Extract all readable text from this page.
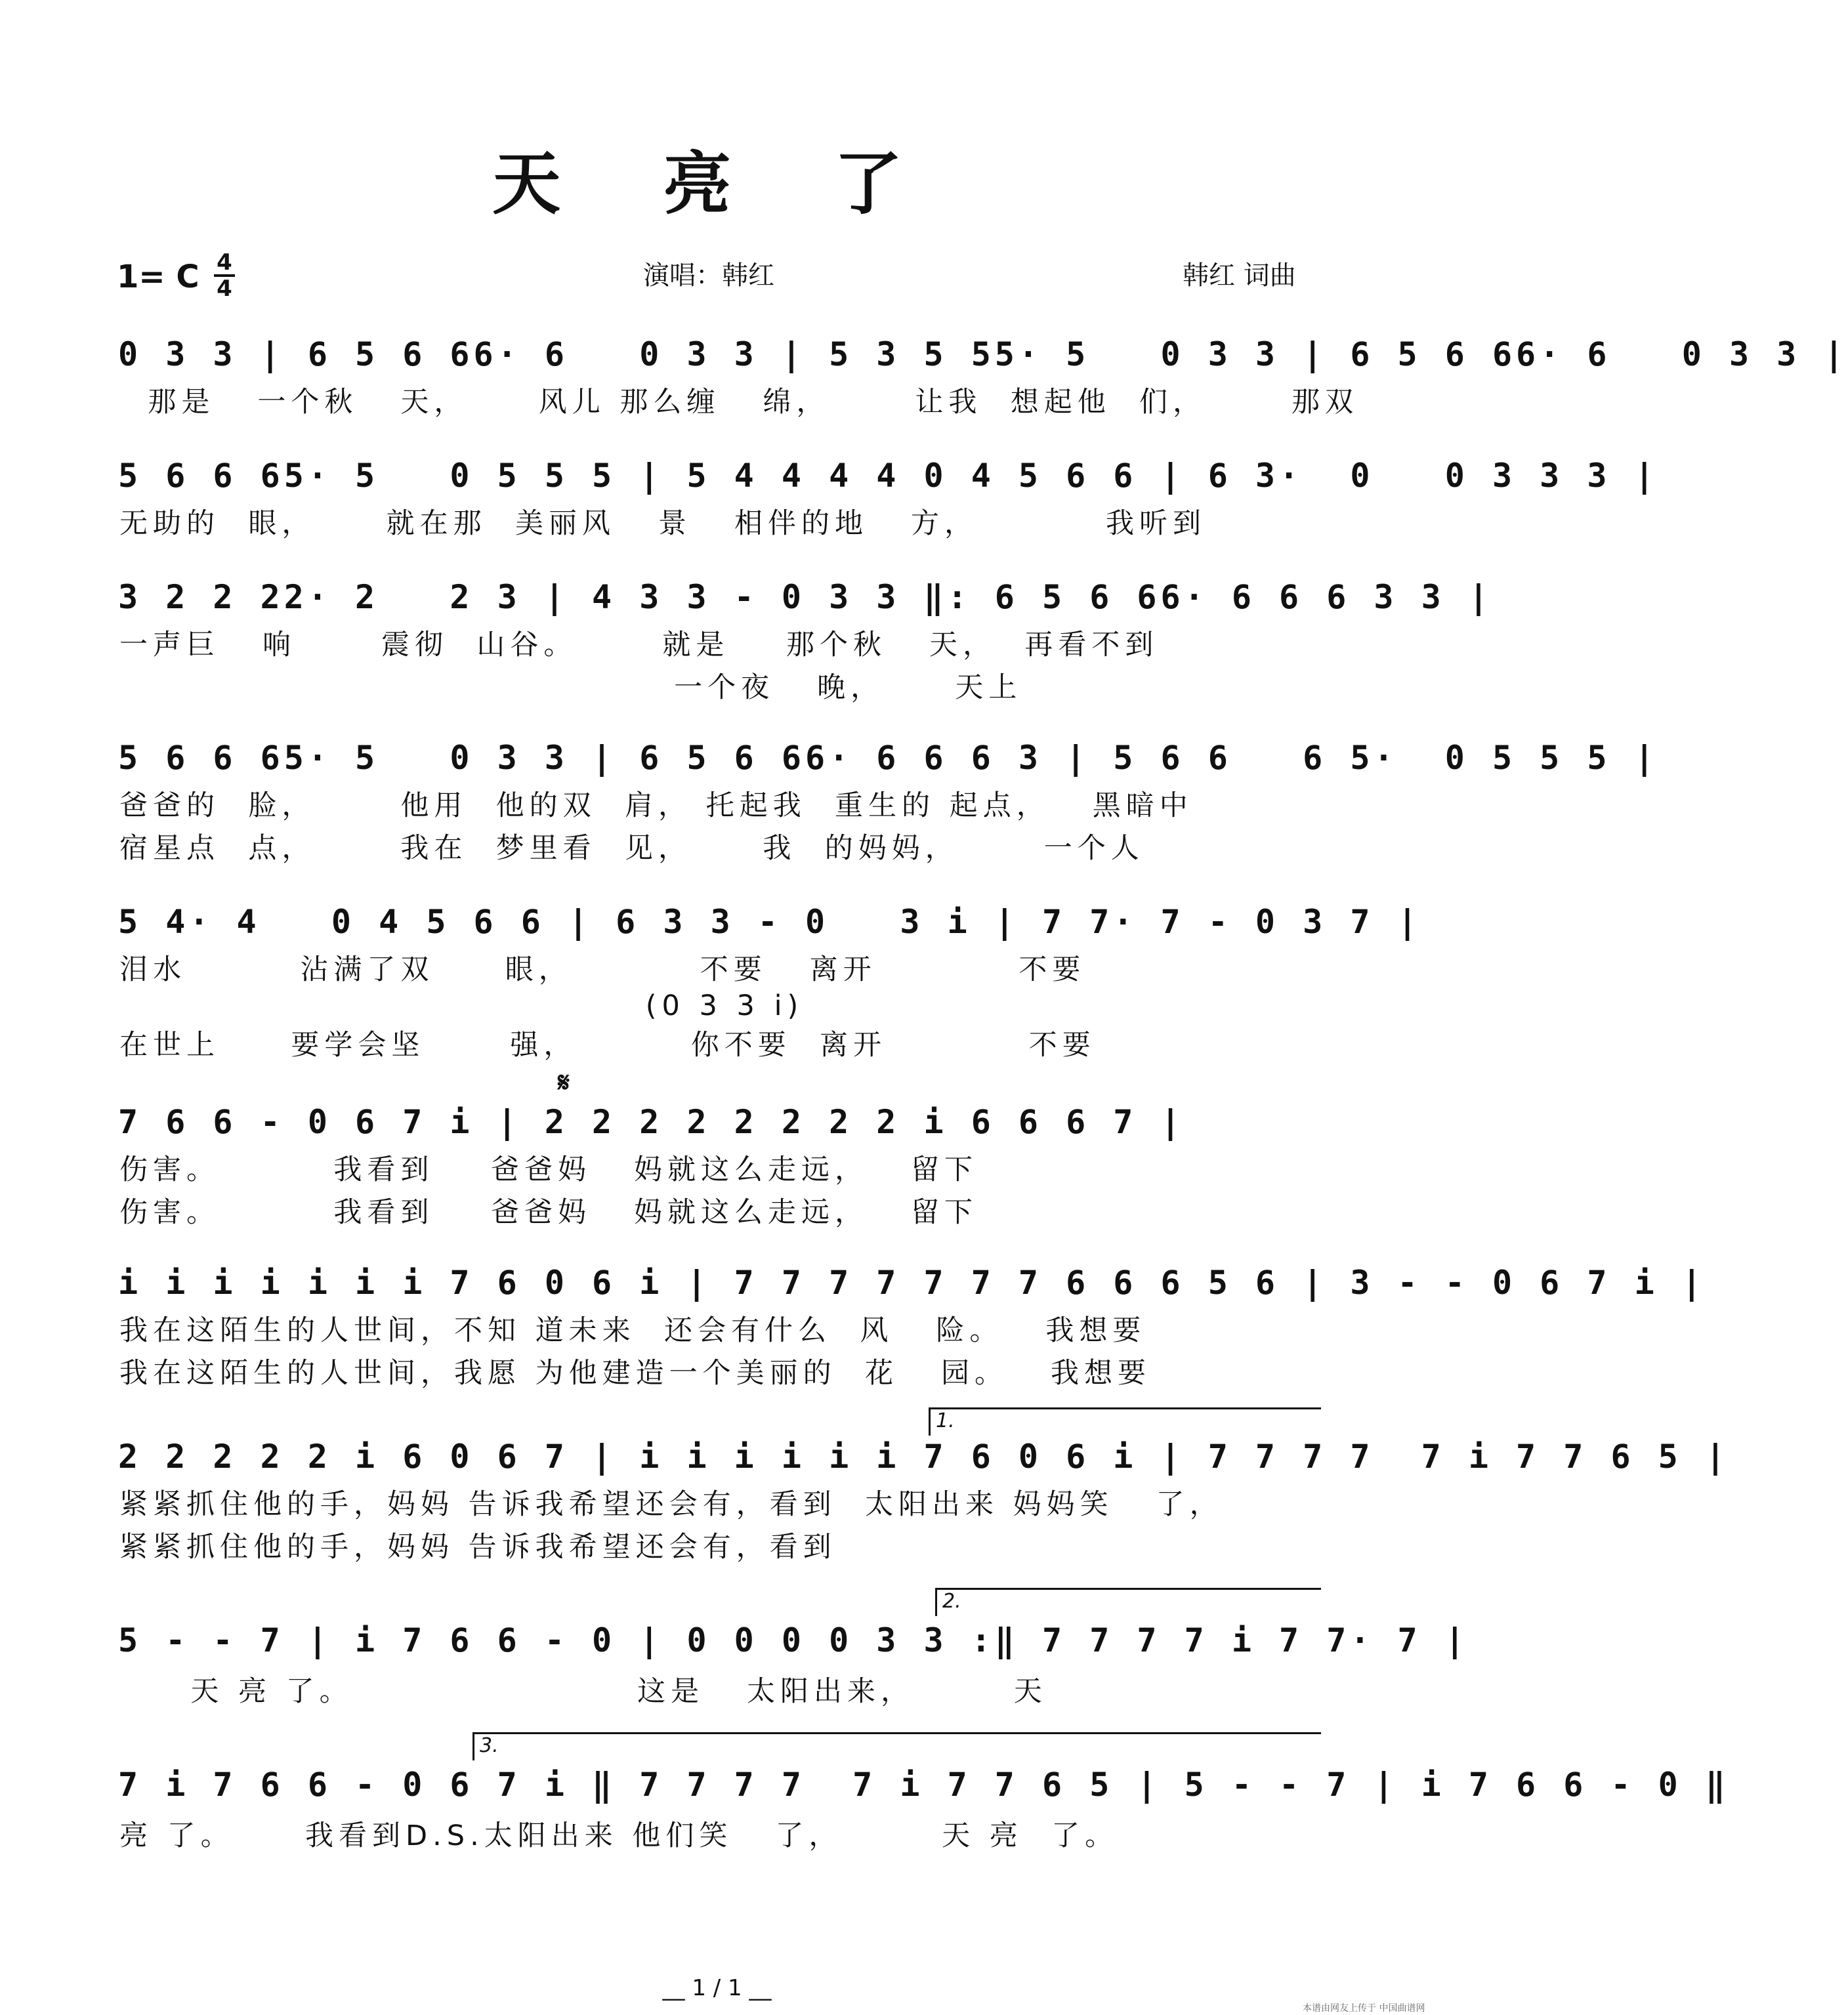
天 亮 了
1= C 4
4	演唱：韩红	韩红 词曲
0 3 3 | 6 5 6 66· 6   0 3 3 | 5 3 5 55· 5   0 3 3 | 6 5 6 66· 6   0 3 3 |
那是   一个秋   天，     风儿 那么缠   绵，      让我  想起他  们，      那双
5 6 6 65· 5   0 5 5 5 | 5 4 4 4 4 0 4 5 6 6 | 6 3·  0   0 3 3 3 |
无助的  眼，     就在那  美丽风   景   相伴的地   方，         我听到
3 2 2 22· 2   2 3 | 4 3 3 - 0 3 3 ‖: 6 5 6 66· 6 6 6 3 3 |
一声巨   响      震彻  山谷。      就是    那个秋   天，  再看不到
一个夜   晚，     天上
5 6 6 65· 5   0 3 3 | 6 5 6 66· 6 6 6 3 | 5 6 6   6 5·  0 5 5 5 |
爸爸的  脸，      他用  他的双  肩， 托起我  重生的 起点，   黑暗中
宿星点  点，      我在  梦里看  见，     我  的妈妈，      一个人
5 4· 4   0 4 5 6 6 | 6 3 3 - 0   3 i | 7 7· 7 - 0 3 7 |
泪水        沾满了双     眼，         不要   离开          不要
(0 3 3 i)
在世上     要学会坚      强，        你不要  离开          不要
𝄋
7 6 6 - 0 6 7 i | 2 2 2 2 2 2 2 2 i 6 6 6 7 |
伤害。        我看到    爸爸妈   妈就这么走远，   留下
伤害。        我看到    爸爸妈   妈就这么走远，   留下
i i i i i i i 7 6 0 6 i | 7 7 7 7 7 7 7 6 6 6 5 6 | 3 - - 0 6 7 i |
我在这陌生的人世间，不知 道未来  还会有什么  风   险。   我想要
我在这陌生的人世间，我愿 为他建造一个美丽的  花   园。   我想要
1.
2 2 2 2 2 i 6 0 6 7 | i i i i i i 7 6 0 6 i | 7 7 7 7  7 i 7 7 6 5 |
紧紧抓住他的手，妈妈 告诉我希望还会有，看到  太阳出来 妈妈笑   了，
紧紧抓住他的手，妈妈 告诉我希望还会有，看到
2.
5 - - 7 | i 7 6 6 - 0 | 0 0 0 0 3 3 :‖ 7 7 7 7 i 7 7· 7 |
天 亮 了。                    这是   太阳出来，       天
3.
7 i 7 6 6 - 0 6 7 i ‖ 7 7 7 7  7 i 7 7 6 5 | 5 - - 7 | i 7 6 6 - 0 ‖
亮 了。     我看到D.S.太阳出来 他们笑   了，       天 亮  了。
__ 1 / 1 __
本谱由网友上传于 中国曲谱网
